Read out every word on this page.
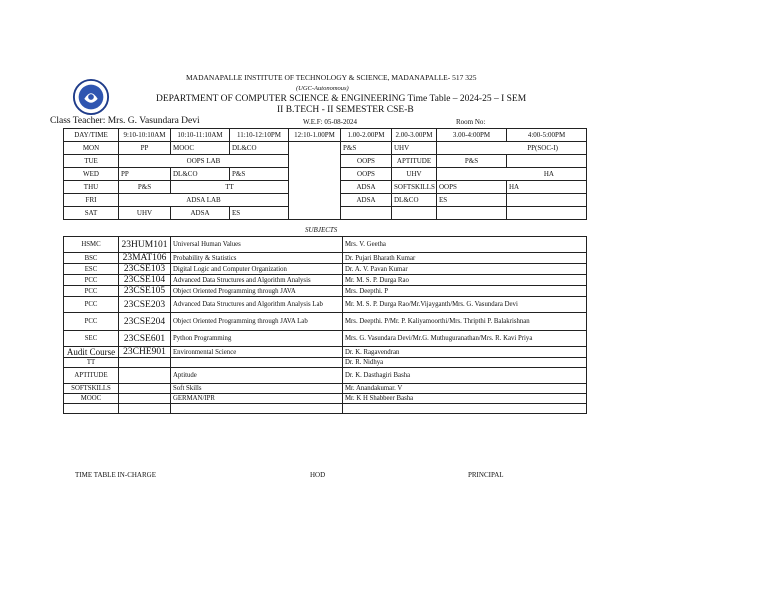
MADANAPALLE INSTITUTE OF TECHNOLOGY & SCIENCE, MADANAPALLE- 517 325
(UGC-Autonomous)
DEPARTMENT OF COMPUTER SCIENCE & ENGINEERING Time Table – 2024-25 – I SEM
II B.TECH - II SEMESTER CSE-B
Class Teacher: Mrs. G. Vasundara Devi	W.E.F: 05-08-2024	Room No:
DAY/TIME	9:10-10:10AM	10:10-11:10AM	11:10-12:10PM	12:10-1.00PM	1.00-2.00PM	2.00-3.00PM	3.00-4:00PM	4:00-5:00PM
MON	PP	MOOC	DL&CO		P&S	UHV	PP(SOC-I)	
TUE	OOPS LAB				OOPS	APTITUDE	P&S	
WED	PP	DL&CO	P&S		OOPS	UHV	HA	
THU	P&S	TT			ADSA	SOFTSKILLS	OOPS	HA
FRI	ADSA LAB				ADSA	DL&CO	ES	
SAT	UHV	ADSA	ES					
SUBJECTS
HSMC	23HUM101	Universal Human Values	Mrs. V. Geetha
BSC	23MAT106	Probability & Statistics	Dr. Pujari Bharath Kumar
ESC	23CSE103	Digital Logic and Computer Organization	Dr. A. V. Pavan Kumar
PCC	23CSE104	Advanced Data Structures and Algorithm Analysis	Mr. M. S. P. Durga Rao
PCC	23CSE105	Object Oriented Programming through JAVA	Mrs. Deepthi. P
PCC	23CSE203	Advanced Data Structures and Algorithm Analysis Lab	Mr. M. S. P. Durga Rao/Mr.Vijayganth/Mrs. G. Vasundara Devi
PCC	23CSE204	Object Oriented Programming through JAVA Lab	Mrs. Deepthi. P/Mr. P. Kaliyamoorthi/Mrs. Thripthi P. Balakrishnan
SEC	23CSE601	Python Programming	Mrs. G. Vasundara Devi/Mr.G. Muthuguranathan/Mrs. R. Kavi Priya
Audit Course	23CHE901	Environmental Science	Dr. K. Ragavendran
TT			Dr. R. Nidhya
APTITUDE		Aptitude	Dr. K. Dasthagiri Basha
SOFTSKILLS		Soft Skills	Mr. Anandakumar. V
MOOC		GERMAN/IPR	Mr. K H Shabbeer Basha

TIME TABLE IN-CHARGE	HOD	PRINCIPAL
